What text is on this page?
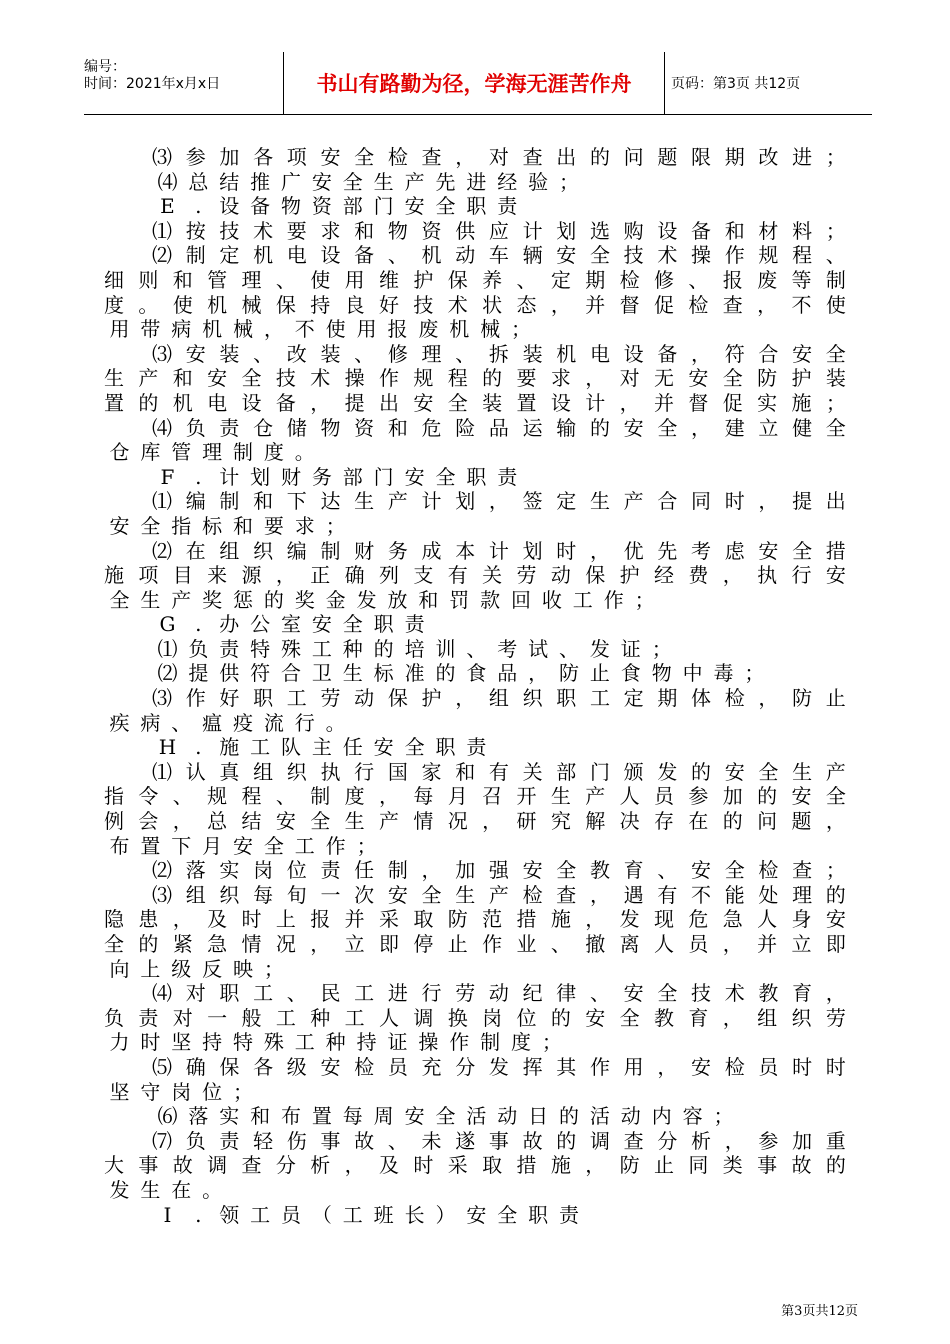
编号：
时间：2021年x月x日	书山有路勤为径，学海无涯苦作舟	页码：第3页 共12页
⑶ 参 加 各 项 安 全 检 查 ， 对 查 出 的 问 题 限 期 改 进 ；
⑷ 总 结 推 广 安 全 生 产 先 进 经 验 ；
E	. 设 备 物 资 部 门 安 全 职 责
⑴ 按 技 术 要 求 和 物 资 供 应 计 划 选 购 设 备 和 材 料 ；
⑵ 制 定 机 电 设 备 、 机 动 车 辆 安 全 技 术 操 作 规 程 、
细 则 和 管 理 、 使 用 维 护 保 养 、 定 期 检 修 、 报 废 等 制
度 。 使 机 械 保 持 良 好 技 术 状 态 ， 并 督 促 检 查 ， 不 使
用 带 病 机 械 ， 不 使 用 报 废 机 械 ；
⑶ 安 装 、 改 装 、 修 理 、 拆 装 机 电 设 备 ， 符 合 安 全
生 产 和 安 全 技 术 操 作 规 程 的 要 求 ， 对 无 安 全 防 护 装
置 的 机 电 设 备 ， 提 出 安 全 装 置 设 计 ， 并 督 促 实 施 ；
⑷ 负 责 仓 储 物 资 和 危 险 品 运 输 的 安 全 ， 建 立 健 全
仓 库 管 理 制 度 。
F	. 计 划 财 务 部 门 安 全 职 责
⑴ 编 制 和 下 达 生 产 计 划 ， 签 定 生 产 合 同 时 ， 提 出
安 全 指 标 和 要 求 ；
⑵ 在 组 织 编 制 财 务 成 本 计 划 时 ， 优 先 考 虑 安 全 措
施 项 目 来 源 ， 正 确 列 支 有 关 劳 动 保 护 经 费 ， 执 行 安
全 生 产 奖 惩 的 奖 金 发 放 和 罚 款 回 收 工 作 ；
G . 办 公 室 安 全 职 责
⑴ 负 责 特 殊 工 种 的 培 训 、 考 试 、 发 证 ；
⑵ 提 供 符 合 卫 生 标 准 的 食 品 ， 防 止 食 物 中 毒 ；
⑶ 作 好 职 工 劳 动 保 护 ， 组 织 职 工 定 期 体 检 ， 防 止
疾 病 、 瘟 疫 流 行 。
H . 施 工 队 主 任 安 全 职 责
⑴ 认 真 组 织 执 行 国 家 和 有 关 部 门 颁 发 的 安 全 生 产
指 令 、 规 程 、 制 度 ， 每 月 召 开 生 产 人 员 参 加 的 安 全
例 会 ， 总 结 安 全 生 产 情 况 ， 研 究 解 决 存 在 的 问 题 ，
布 置 下 月 安 全 工 作 ；
⑵ 落 实 岗 位 责 任 制 ， 加 强 安 全 教 育 、 安 全 检 查 ；
⑶ 组 织 每 旬 一 次 安 全 生 产 检 查 ， 遇 有 不 能 处 理 的
隐 患 ， 及 时 上 报 并 采 取 防 范 措 施 ， 发 现 危 急 人 身 安
全 的 紧 急 情 况 ， 立 即 停 止 作 业 、 撤 离 人 员 ， 并 立 即
向 上 级 反 映 ；
⑷ 对 职 工 、 民 工 进 行 劳 动 纪 律 、 安 全 技 术 教 育 ，
负 责 对 一 般 工 种 工 人 调 换 岗 位 的 安 全 教 育 ， 组 织 劳
力 时 坚 持 特 殊 工 种 持 证 操 作 制 度 ；
⑸ 确 保 各 级 安 检 员 充 分 发 挥 其 作 用 ， 安 检 员 时 时
坚 守 岗 位 ；
⑹ 落 实 和 布 置 每 周 安 全 活 动 日 的 活 动 内 容 ；
⑺ 负 责 轻 伤 事 故 、 未 遂 事 故 的 调 查 分 析 ， 参 加 重
大 事 故 调 查 分 析 ， 及 时 采 取 措 施 ， 防 止 同 类 事 故 的
发 生 在 。
I	. 领 工 员 （ 工 班 长 ） 安 全 职 责
第3页共12页
